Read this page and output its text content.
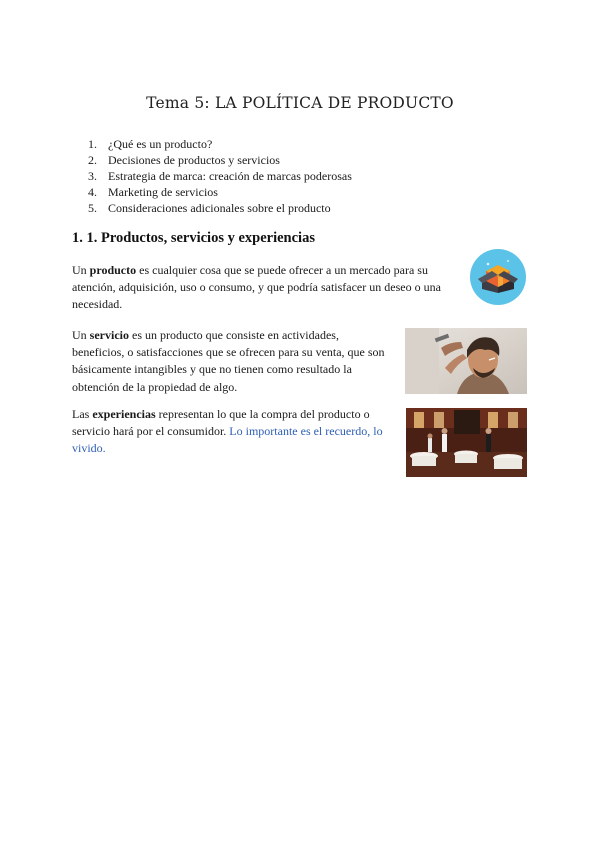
Tema 5: LA POLÍTICA DE PRODUCTO
1. ¿Qué es un producto?
2. Decisiones de productos y servicios
3. Estrategia de marca: creación de marcas poderosas
4. Marketing de servicios
5. Consideraciones adicionales sobre el producto
1. 1. Productos, servicios y experiencias

Un producto es cualquier cosa que se puede ofrecer a un mercado para su atención, adquisición, uso o consumo, y que podría satisfacer un deseo o una necesidad.

Un servicio es un producto que consiste en actividades, beneficios, o satisfacciones que se ofrecen para su venta, que son básicamente intangibles y que no tienen como resultado la obtención de la propiedad de algo.

Las experiencias representan lo que la compra del producto o servicio hará por el consumidor. Lo importante es el recuerdo, lo vivido.
